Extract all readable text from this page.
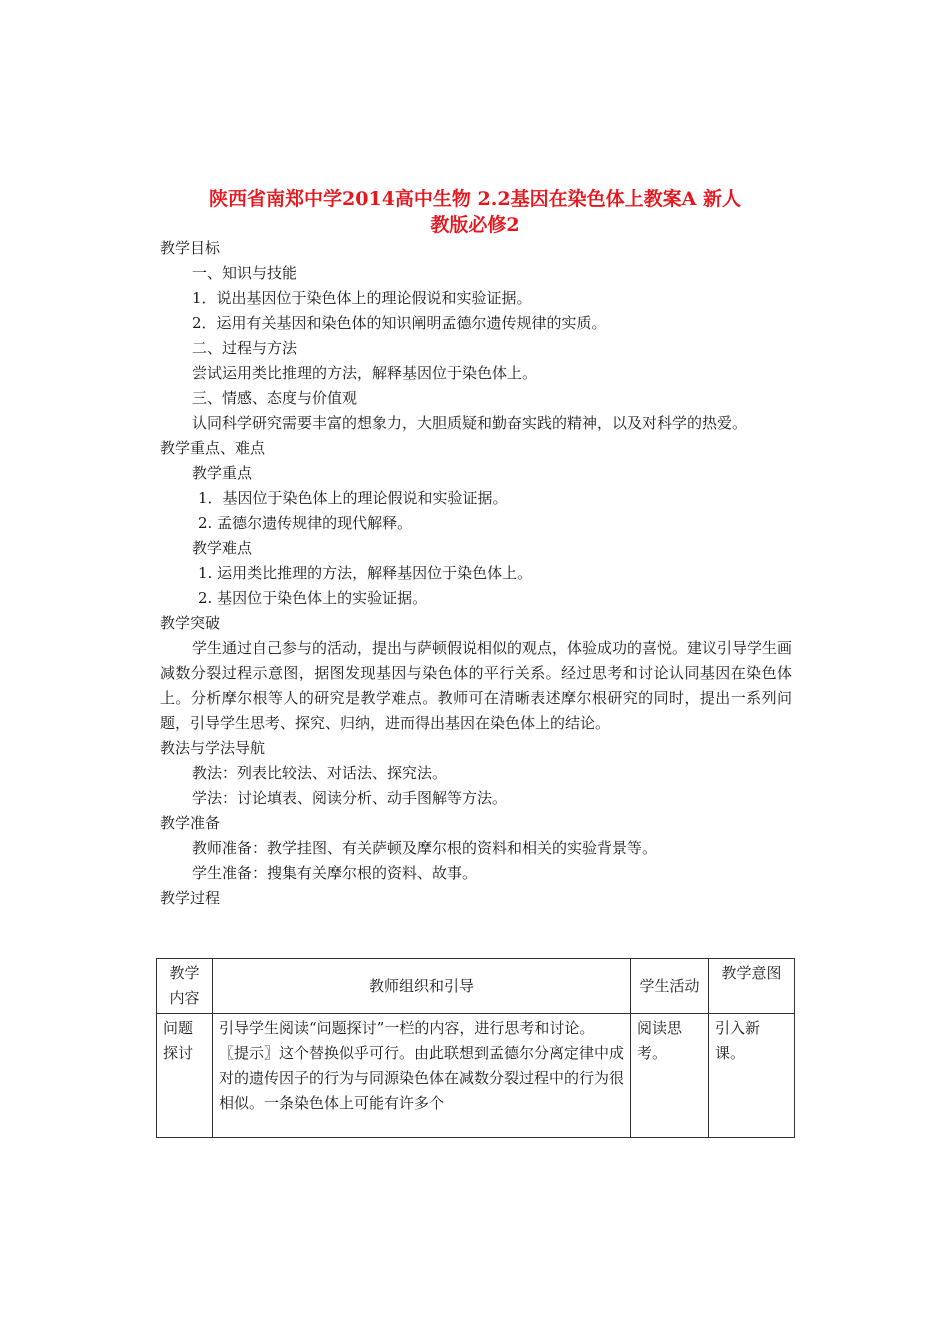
陕西省南郑中学2014高中生物 2.2基因在染色体上教案A 新人
教版必修2
教学目标
一、知识与技能
1．说出基因位于染色体上的理论假说和实验证据。
2．运用有关基因和染色体的知识阐明孟德尔遗传规律的实质。
二、过程与方法
尝试运用类比推理的方法，解释基因位于染色体上。
三、情感、态度与价值观
认同科学研究需要丰富的想象力，大胆质疑和勤奋实践的精神，以及对科学的热爱。
教学重点、难点
教学重点
1．基因位于染色体上的理论假说和实验证据。
2. 孟德尔遗传规律的现代解释。
教学难点
1. 运用类比推理的方法，解释基因位于染色体上。
2. 基因位于染色体上的实验证据。
教学突破
学生通过自己参与的活动，提出与萨顿假说相似的观点，体验成功的喜悦。建议引导学生画减数分裂过程示意图，据图发现基因与染色体的平行关系。经过思考和讨论认同基因在染色体上。分析摩尔根等人的研究是教学难点。教师可在清晰表述摩尔根研究的同时，提出一系列问题，引导学生思考、探究、归纳，进而得出基因在染色体上的结论。
教法与学法导航
教法：列表比较法、对话法、探究法。
学法：讨论填表、阅读分析、动手图解等方法。
教学准备
教师准备：教学挂图、有关萨顿及摩尔根的资料和相关的实验背景等。
学生准备：搜集有关摩尔根的资料、故事。
教学过程
教学内容	教师组织和引导	学生活动	教学意图
问题探讨	引导学生阅读“问题探讨”一栏的内容，进行思考和讨论。
〖提示〗这个替换似乎可行。由此联想到孟德尔分离定律中成对的遗传因子的行为与同源染色体在减数分裂过程中的行为很相似。一条染色体上可能有许多个	阅读思考。	引入新课。
